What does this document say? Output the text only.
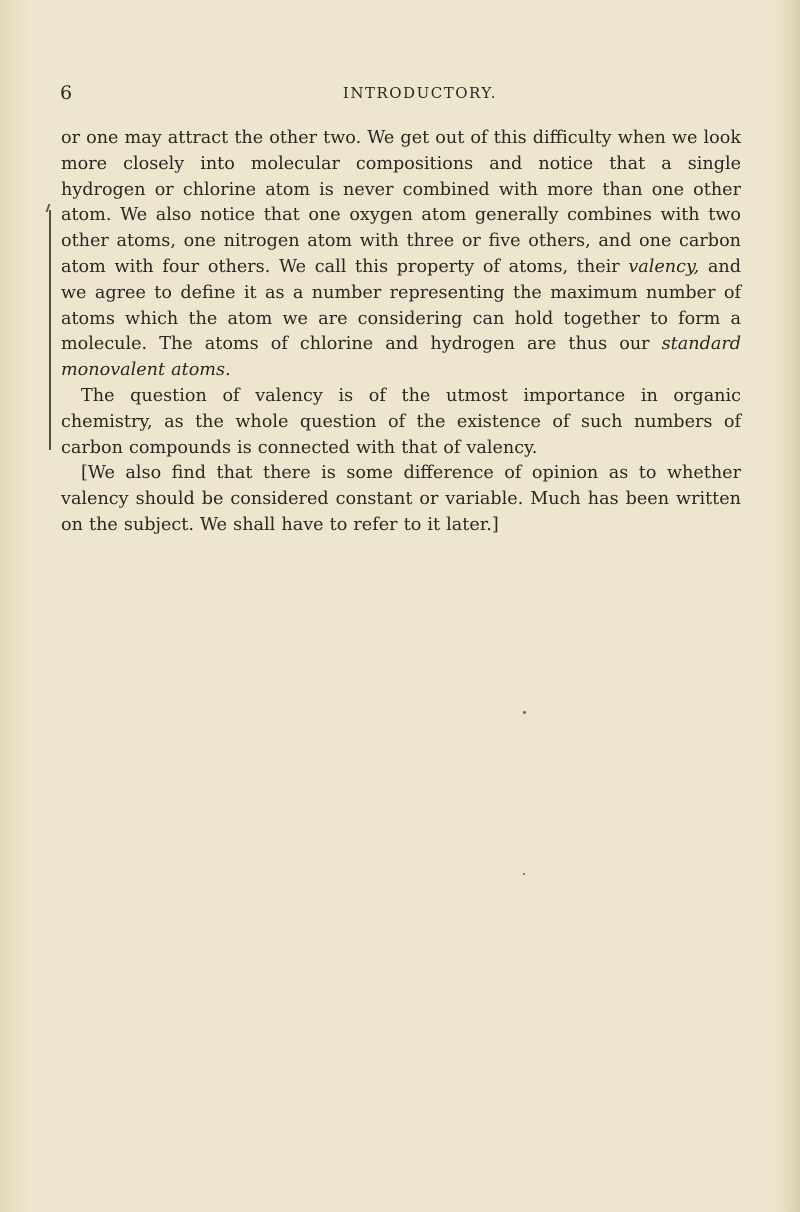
6	INTRODUCTORY.

or one may attract the other two. We get out of this difficulty when we look more closely into molecular compositions and notice that a single hydrogen or chlorine atom is never combined with more than one other atom. We also notice that one oxygen atom generally combines with two other atoms, one nitrogen atom with three or five others, and one carbon atom with four others. We call this property of atoms, their valency, and we agree to define it as a number representing the maximum number of atoms which the atom we are considering can hold together to form a molecule. The atoms of chlorine and hydrogen are thus our standard monovalent atoms.

The question of valency is of the utmost importance in organic chemistry, as the whole question of the existence of such numbers of carbon compounds is connected with that of valency.

[We also find that there is some difference of opinion as to whether valency should be considered constant or variable. Much has been written on the subject. We shall have to refer to it later.]
